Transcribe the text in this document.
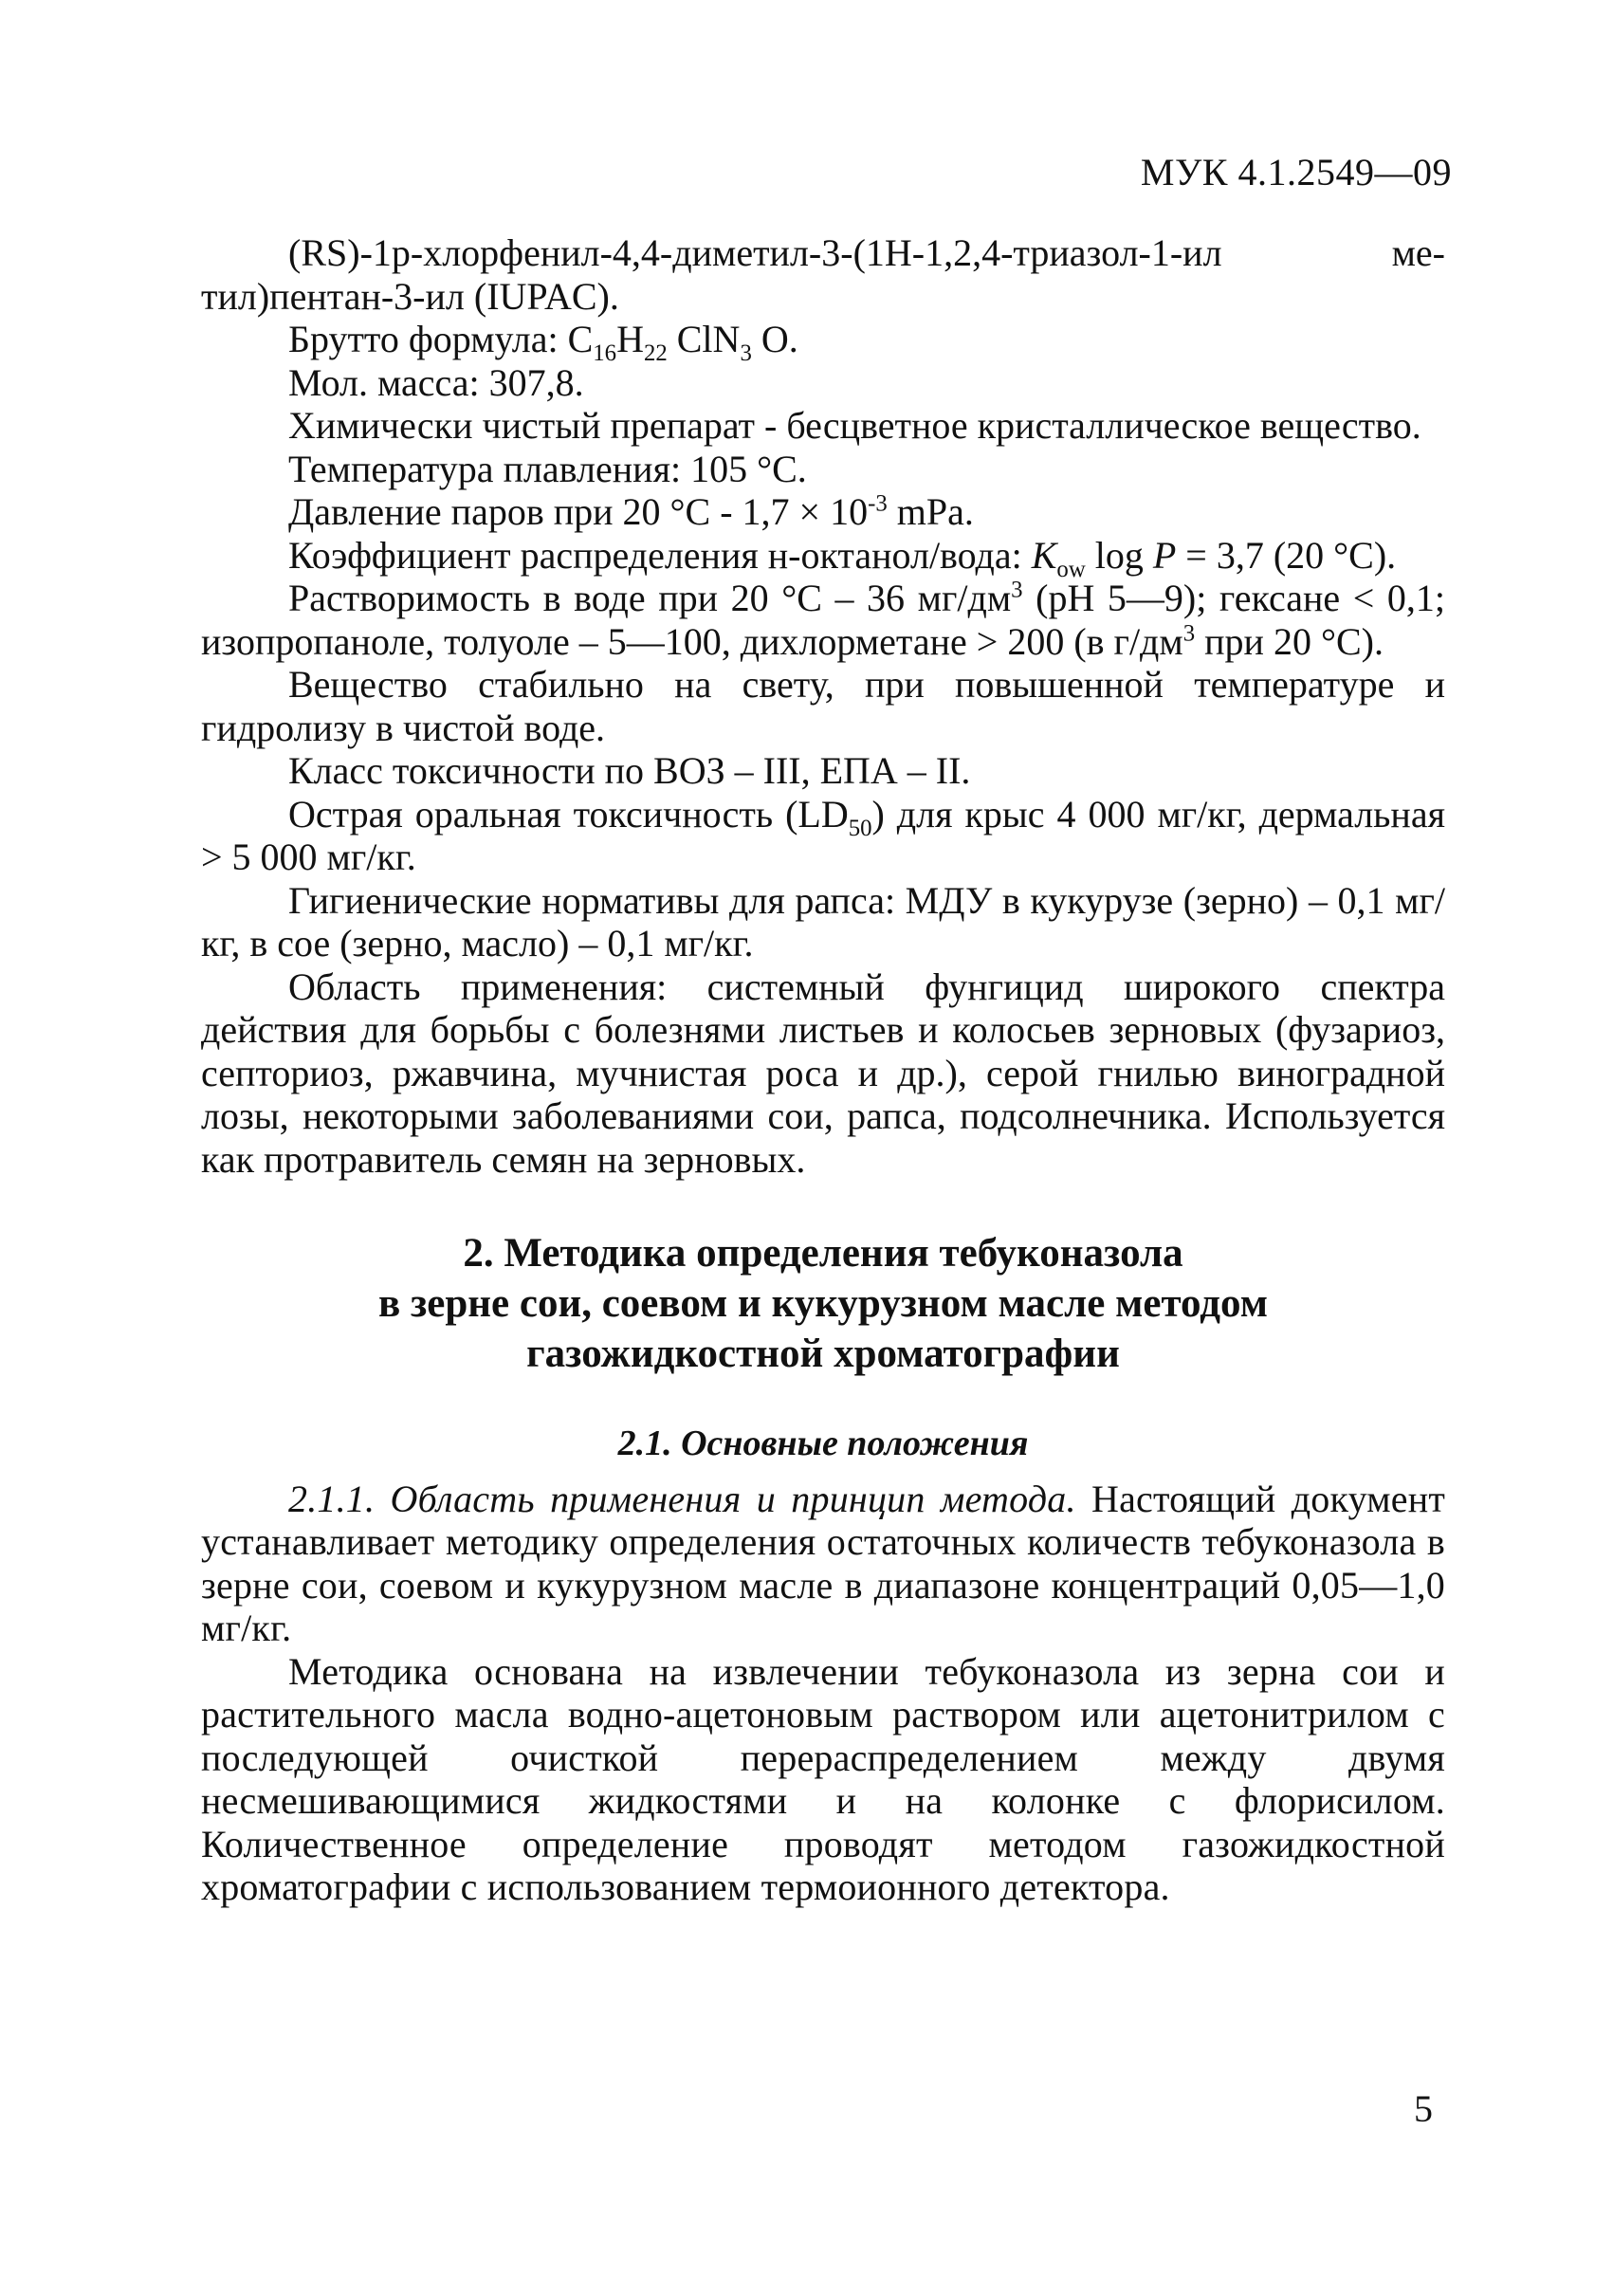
МУК 4.1.2549—09
(RS)-1р-хлорфенил-4,4-диметил-3-(1Н-1,2,4-триазол-1-ил	ме-

тил)пентан-3-ил (IUPAC).

Брутто формула: $C_{16}H_{22}$ ClN$_3$ O.

Мол. масса: 307,8.

Химически чистый препарат - бесцветное кристаллическое вещество.

Температура плавления: 105 °С.

Давление паров при 20 $^\circ С - 1,7 \times 10^{-3}$ mPa.

Коэффициент распределения н-октанол/вода: $K_{ow}$ log P = 3,7 (20 °С).

Растворимость в воде при 20 °С – 36 $мг/дм^3$ (рН 5—9); гексане < 0,1; изопропаноле, толуоле – 5—100, дихлорметане > 200 (в $г/дм^3$ при 20 °С).

Вещество стабильно на свету, при повышенной температуре и гидролизу в чистой воде.

Класс токсичности по ВОЗ – III, ЕПА – II.

Острая оральная токсичность $(LD_{50})$ для крыс 4 000 мг/кг, дермальная > 5 000 мг/кг.

Гигиенические нормативы для рапса: МДУ в кукурузе (зерно) – 0,1 мг/кг, в сое (зерно, масло) – 0,1 мг/кг.

Область применения: системный фунгицид широкого спектра действия для борьбы с болезнями листьев и колосьев зерновых (фузариоз, септориоз, ржавчина, мучнистая роса и др.), серой гнилью виноградной лозы, некоторыми заболеваниями сои, рапса, подсолнечника. Используется как протравитель семян на зерновых.

2. Методика определения тебуконазола
в зерне сои, соевом и кукурузном масле методом
газожидкостной хроматографии

2.1. Основные положения

2.1.1. Область применения и принцип метода. Настоящий документ устанавливает методику определения остаточных количеств тебуконазола в зерне сои, соевом и кукурузном масле в диапазоне концентраций 0,05—1,0 мг/кг.

Методика основана на извлечении тебуконазола из зерна сои и растительного масла водно-ацетоновым раствором или ацетонитрилом с последующей очисткой перераспределением между двумя несмешивающимися жидкостями и на колонке с флорисилом. Количественное определение проводят методом газожидкостной хроматографии с использованием термоионного детектора.

5
